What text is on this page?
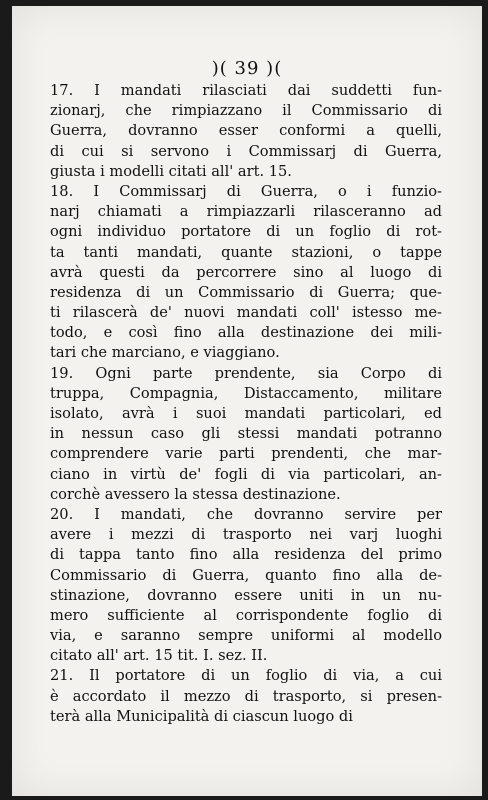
)( 39 )(
17. I mandati rilasciati dai suddetti fun-
zionarj, che rimpiazzano il Commissario di
Guerra, dovranno esser conformi a quelli,
di cui si servono i Commissarj di Guerra,
giusta i modelli citati all' art. 15.
18. I Commissarj di Guerra, o i funzio-
narj chiamati a rimpiazzarli rilasceranno ad
ogni individuo portatore di un foglio di rot-
ta tanti mandati, quante stazioni, o tappe
avrà questi da percorrere sino al luogo di
residenza di un Commissario di Guerra; que-
ti rilascerà de' nuovi mandati coll' istesso me-
todo, e così fino alla destinazione dei mili-
tari che marciano, e viaggiano.
19. Ogni parte prendente, sia Corpo di
truppa, Compagnia, Distaccamento, militare
isolato, avrà i suoi mandati particolari, ed
in nessun caso gli stessi mandati potranno
comprendere varie parti prendenti, che mar-
ciano in virtù de' fogli di via particolari, an-
corchè avessero la stessa destinazione.
20. I mandati, che dovranno servire per
avere i mezzi di trasporto nei varj luoghi
di tappa tanto fino alla residenza del primo
Commissario di Guerra, quanto fino alla de-
stinazione, dovranno essere uniti in un nu-
mero sufficiente al corrispondente foglio di
via, e saranno sempre uniformi al modello
citato all' art. 15 tit. I. sez. II.
21. Il portatore di un foglio di via, a cui
è accordato il mezzo di trasporto, si presen-
terà alla Municipalità di ciascun luogo di
